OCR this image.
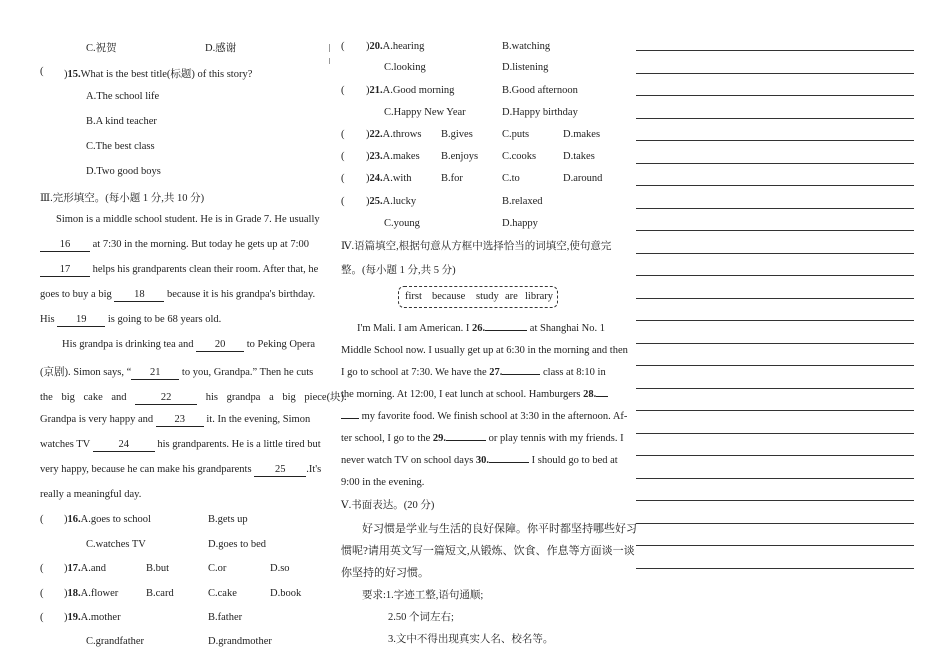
C.祝贺	D.感谢
( )15.What is the best title(标题) of this story?
A.The school life
B.A kind teacher
C.The best class
D.Two good boys
Ⅲ.完形填空。(每小题 1 分,共 10 分)
Simon is a middle school student. He is in Grade 7. He usually
16 at 7:30 in the morning. But today he gets up at 7:00
17 helps his grandparents clean their room. After that, he
goes to buy a big 18 because it is his grandpa's birthday.
His 19 is going to be 68 years old.
His grandpa is drinking tea and 20 to Peking Opera
(京剧). Simon says, “ 21 to you, Grandpa.” Then he cuts
the big cake and	22	his grandpa a big piece(块).
Grandpa is very happy and 23 it. In the evening, Simon
watches TV	24	his grandparents. He is a little tired but
very happy, because he can make his grandparents 25 .It's
really a meaningful day.
( )16.A.goes to school	B.gets up
C.watches TV	D.goes to bed
( )17.A.and	B.but	C.or	D.so
( )18.A.flower	B.card	C.cake	D.book
( )19.A.mother	B.father
C.grandfather	D.grandmother
( )20.A.hearing	B.watching
C.looking	D.listening
( )21.A.Good morning	B.Good afternoon
C.Happy New Year	D.Happy birthday
( )22.A.throws B.gives	C.puts	D.makes
( )23.A.makes B.enjoys C.cooks	D.takes
( )24.A.with	B.for	C.to	D.around
( )25.A.lucky	B.relaxed
C.young	D.happy
Ⅳ.语篇填空,根据句意从方框中选择恰当的词填空,使句意完
整。(每小题 1 分,共 5 分)
first because study are library
I'm Mali. I am American. I 26.	at Shanghai No. 1
Middle School now. I usually get up at 6:30 in the morning and then
I go to school at 7:30. We have the 27.	class at 8:10 in
the morning. At 12:00, I eat lunch at school. Hamburgers 28.
my favorite food. We finish school at 3:30 in the afternoon. Af-
ter school, I go to the 29.	or play tennis with my friends. I
never watch TV on school days 30.	I should go to bed at
9:00 in the evening.
Ⅴ.书面表达。(20 分)
好习惯是学业与生活的良好保障。你平时都坚持哪些好习
惯呢?请用英文写一篇短文,从锻炼、饮食、作息等方面谈一谈
你坚持的好习惯。
要求:1.字迹工整,语句通顺;
2.50 个词左右;
3.文中不得出现真实人名、校名等。
